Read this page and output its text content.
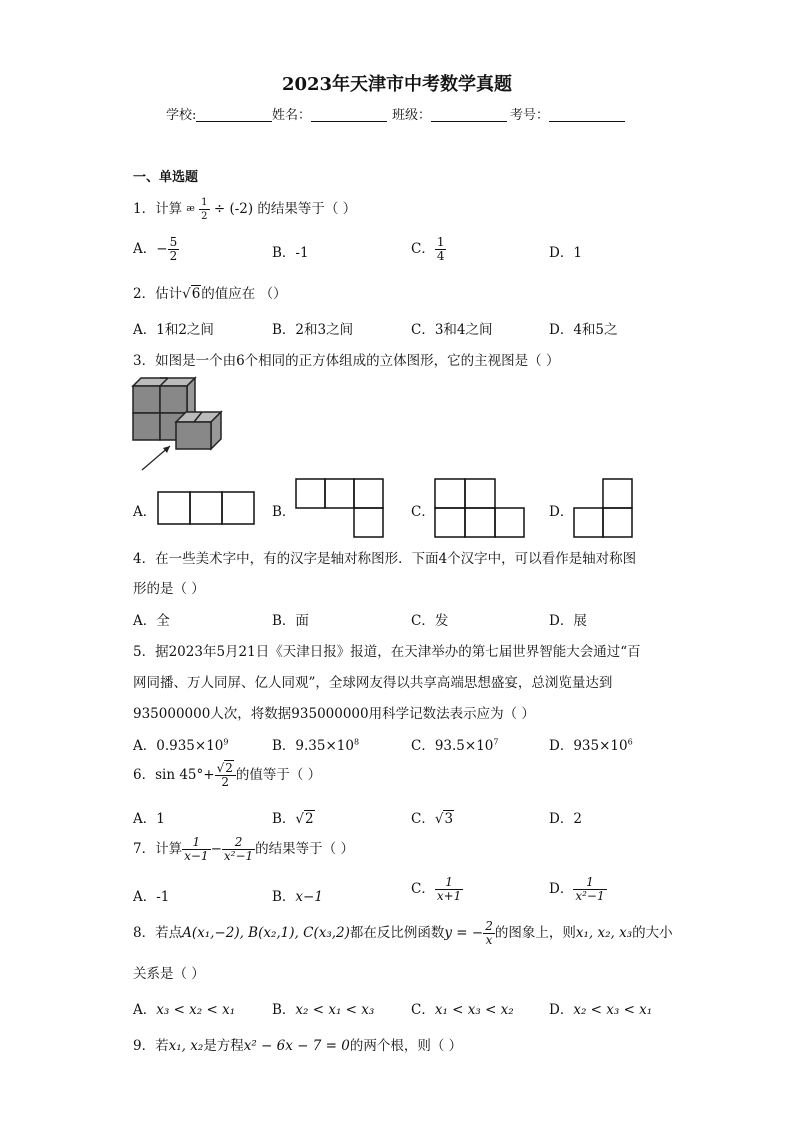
2023年天津市中考数学真题
学校:	姓名：	班级：	考号：
一、单选题
1．计算 æ $\frac{1}{2} \div (-2)$ 的结果等于（ ）
A．− $\frac{5}{2}$	B．-1	C． $\frac{1}{4}$	D．1
2．估计√6的值应在 （）
A．1和2之间	B．2和3之间	C．3和4之间	D．4和5之
3．如图是一个由6个相同的正方体组成的立体图形，它的主视图是（ ）
A．	B．	C．	D．
4．在一些美术字中，有的汉字是轴对称图形．下面4个汉字中，可以看作是轴对称图
形的是（ ）
A．全	B．面	C．发	D．展
5．据2023年5月21日《天津日报》报道，在天津举办的第七届世界智能大会通过“百
网同播、万人同屏、亿人同观”，全球网友得以共享高端思想盛宴，总浏览量达到
935000000人次，将数据935000000用科学记数法表示应为（ ）
A．$0.935\times 10^9$	B．$9.35\times 10^8$	C．$93.5\times 10^7$	D．$935\times 10^6$
6．$\sin 45^\circ+ \frac{√2}{2}$ 的值等于（ ）
A．1	B．√2	C．√3	D．2
7．计算 $\frac{1}{x-1} - \frac{2}{\text{x²−1}}$ 的结果等于（ ）
A．-1	B．x−1	C． $\frac{1}{x+1}$	D． $\frac{1}{\text{x²−1}}$
8．若点A(x₁,−2), B(x₂,1), C(x₃,2)都在反比例函数y = − $\frac{2}{x}$ 的图象上，则x₁, x₂, x₃的大小
关系是（ ）
A．x₃ < x₂ < x₁	B．x₂ < x₁ < x₃	C．x₁ < x₃ < x₂	D．x₂ < x₃ < x₁
9．若x₁, x₂是方程x² − 6x − 7 = 0的两个根，则（ ）
